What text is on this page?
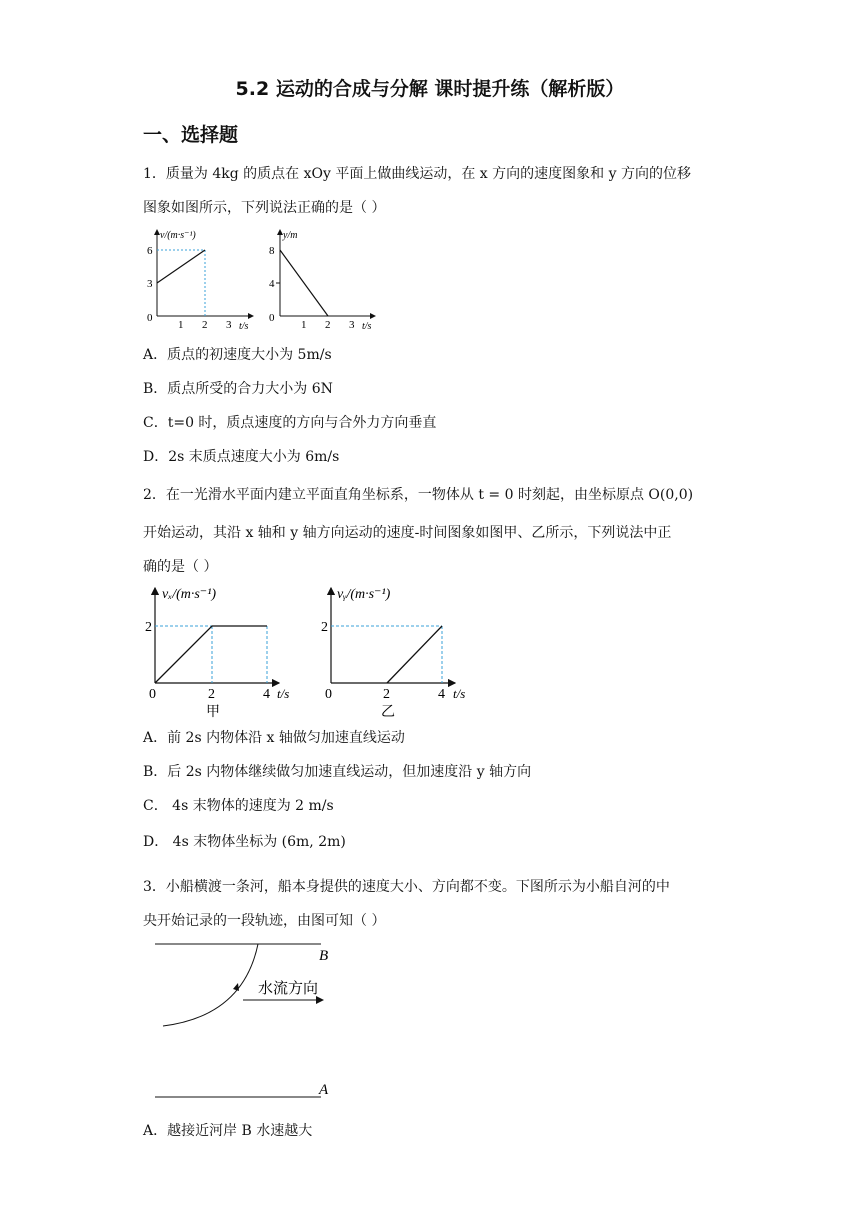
5.2 运动的合成与分解 课时提升练（解析版）
一、选择题
1．质量为 4kg 的质点在 xOy 平面上做曲线运动，在 x 方向的速度图象和 y 方向的位移
图象如图所示，下列说法正确的是（ ）
v/(m·s⁻¹)
6
3
0
1 2 3 t/s
y/m
8
4
0
1 2 3 t/s
A．质点的初速度大小为 5m/s
B．质点所受的合力大小为 6N
C．t=0 时，质点速度的方向与合外力方向垂直
D．2s 末质点速度大小为 6m/s
2．在一光滑水平面内建立平面直角坐标系，一物体从 t = 0 时刻起，由坐标原点 O(0,0)
开始运动，其沿 x 轴和 y 轴方向运动的速度-时间图象如图甲、乙所示，下列说法中正
确的是（ ）
vₓ/(m·s⁻¹)
2
0	2	4 t/s
甲
vᵧ/(m·s⁻¹)
2
0	2	4 t/s
乙
A．前 2s 内物体沿 x 轴做匀加速直线运动
B．后 2s 内物体继续做匀加速直线运动，但加速度沿 y 轴方向
C． 4s 末物体的速度为 2 m/s
D． 4s 末物体坐标为 (6m, 2m)
3．小船横渡一条河，船本身提供的速度大小、方向都不变。下图所示为小船自河的中
央开始记录的一段轨迹，由图可知（ ）
水流方向
B
A
A．越接近河岸 B 水速越大
